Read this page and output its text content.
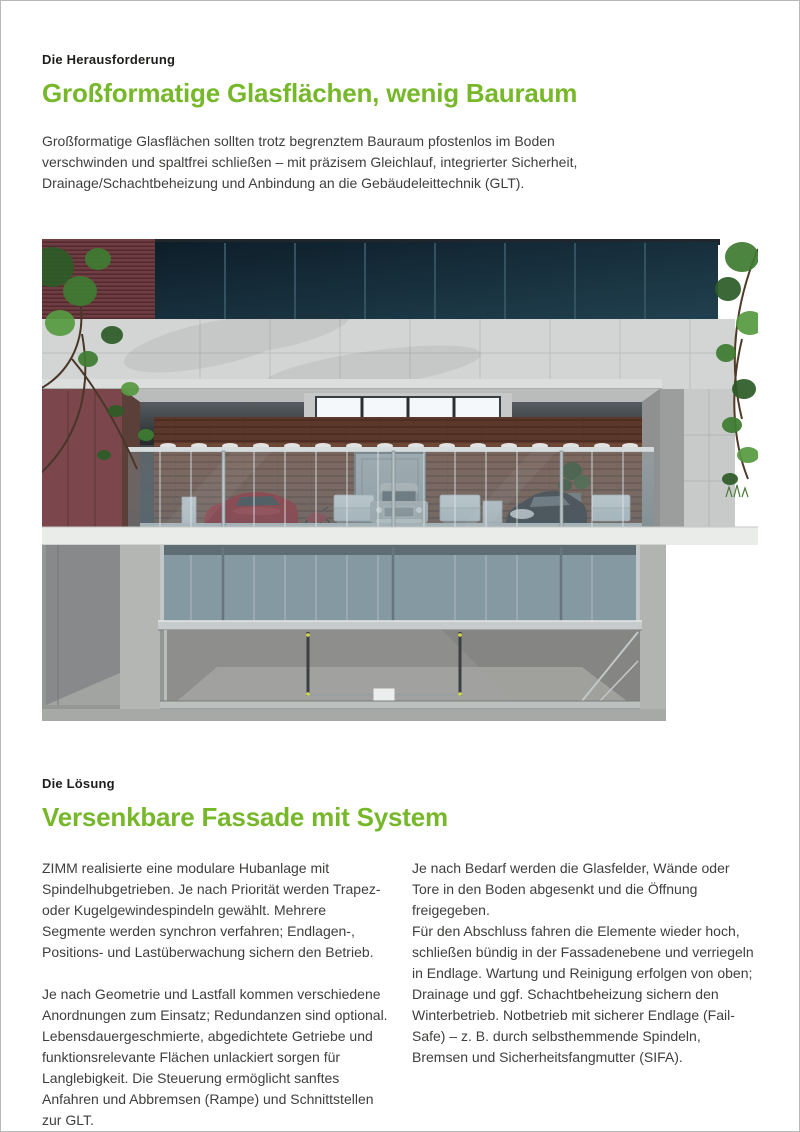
Die Herausforderung
Großformatige Glasflächen, wenig Bauraum

Großformatige Glasflächen sollten trotz begrenztem Bauraum pfostenlos im Boden verschwinden und spaltfrei schließen – mit präzisem Gleichlauf, integrierter Sicherheit, Drainage/Schachtbeheizung und Anbindung an die Gebäudeleittechnik (GLT).

Die Lösung
Versenkbare Fassade mit System

ZIMM realisierte eine modulare Hubanlage mit Spindelhubgetrieben. Je nach Priorität werden Trapez- oder Kugelgewindespindeln gewählt. Mehrere Segmente werden synchron verfahren; Endlagen-, Positions- und Lastüberwachung sichern den Betrieb.

Je nach Geometrie und Lastfall kommen verschiedene Anordnungen zum Einsatz; Redundanzen sind optional. Lebensdauergeschmierte, abgedichtete Getriebe und funktionsrelevante Flächen unlackiert sorgen für Langlebigkeit. Die Steuerung ermöglicht sanftes Anfahren und Abbremsen (Rampe) und Schnittstellen zur GLT.

Je nach Bedarf werden die Glasfelder, Wände oder Tore in den Boden abgesenkt und die Öffnung freigegeben.

Für den Abschluss fahren die Elemente wieder hoch, schließen bündig in der Fassadenebene und verriegeln in Endlage. Wartung und Reinigung erfolgen von oben; Drainage und ggf. Schachtbeheizung sichern den Winterbetrieb. Notbetrieb mit sicherer Endlage (Fail-Safe) – z. B. durch selbsthemmende Spindeln, Bremsen und Sicherheitsfangmutter (SIFA).
